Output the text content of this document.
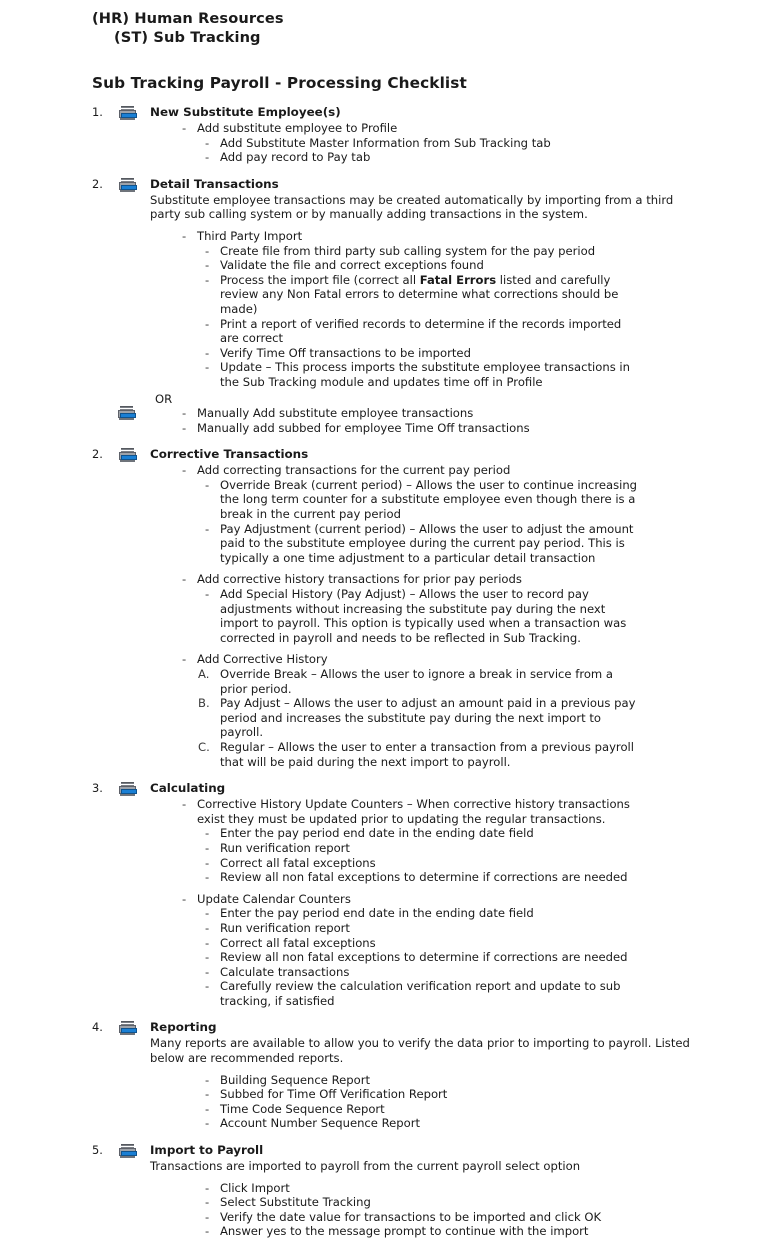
(HR) Human Resources
(ST) Sub Tracking
Sub Tracking Payroll - Processing Checklist
1.	New Substitute Employee(s)
- Add substitute employee to Profile
- Add Substitute Master Information from Sub Tracking tab
- Add pay record to Pay tab
2.	Detail Transactions
Substitute employee transactions may be created automatically by importing from a third party sub calling system or by manually adding transactions in the system.
- Third Party Import
- Create file from third party sub calling system for the pay period
- Validate the file and correct exceptions found
- Process the import file (correct all Fatal Errors listed and carefully review any Non Fatal errors to determine what corrections should be made)
- Print a report of verified records to determine if the records imported are correct
- Verify Time Off transactions to be imported
- Update – This process imports the substitute employee transactions in the Sub Tracking module and updates time off in Profile
OR
- Manually Add substitute employee transactions
- Manually add subbed for employee Time Off transactions
2.	Corrective Transactions
- Add correcting transactions for the current pay period
- Override Break (current period) – Allows the user to continue increasing the long term counter for a substitute employee even though there is a break in the current pay period
- Pay Adjustment (current period) – Allows the user to adjust the amount paid to the substitute employee during the current pay period. This is typically a one time adjustment to a particular detail transaction
- Add corrective history transactions for prior pay periods
- Add Special History (Pay Adjust) – Allows the user to record pay adjustments without increasing the substitute pay during the next import to payroll. This option is typically used when a transaction was corrected in payroll and needs to be reflected in Sub Tracking.
- Add Corrective History
A. Override Break – Allows the user to ignore a break in service from a prior period.
B. Pay Adjust – Allows the user to adjust an amount paid in a previous pay period and increases the substitute pay during the next import to payroll.
C. Regular – Allows the user to enter a transaction from a previous payroll that will be paid during the next import to payroll.
3.	Calculating
- Corrective History Update Counters – When corrective history transactions exist they must be updated prior to updating the regular transactions.
- Enter the pay period end date in the ending date field
- Run verification report
- Correct all fatal exceptions
- Review all non fatal exceptions to determine if corrections are needed
- Update Calendar Counters
- Enter the pay period end date in the ending date field
- Run verification report
- Correct all fatal exceptions
- Review all non fatal exceptions to determine if corrections are needed
- Calculate transactions
- Carefully review the calculation verification report and update to sub tracking, if satisfied
4.	Reporting
Many reports are available to allow you to verify the data prior to importing to payroll. Listed below are recommended reports.
- Building Sequence Report
- Subbed for Time Off Verification Report
- Time Code Sequence Report
- Account Number Sequence Report
5.	Import to Payroll
Transactions are imported to payroll from the current payroll select option
- Click Import
- Select Substitute Tracking
- Verify the date value for transactions to be imported and click OK
- Answer yes to the message prompt to continue with the import
